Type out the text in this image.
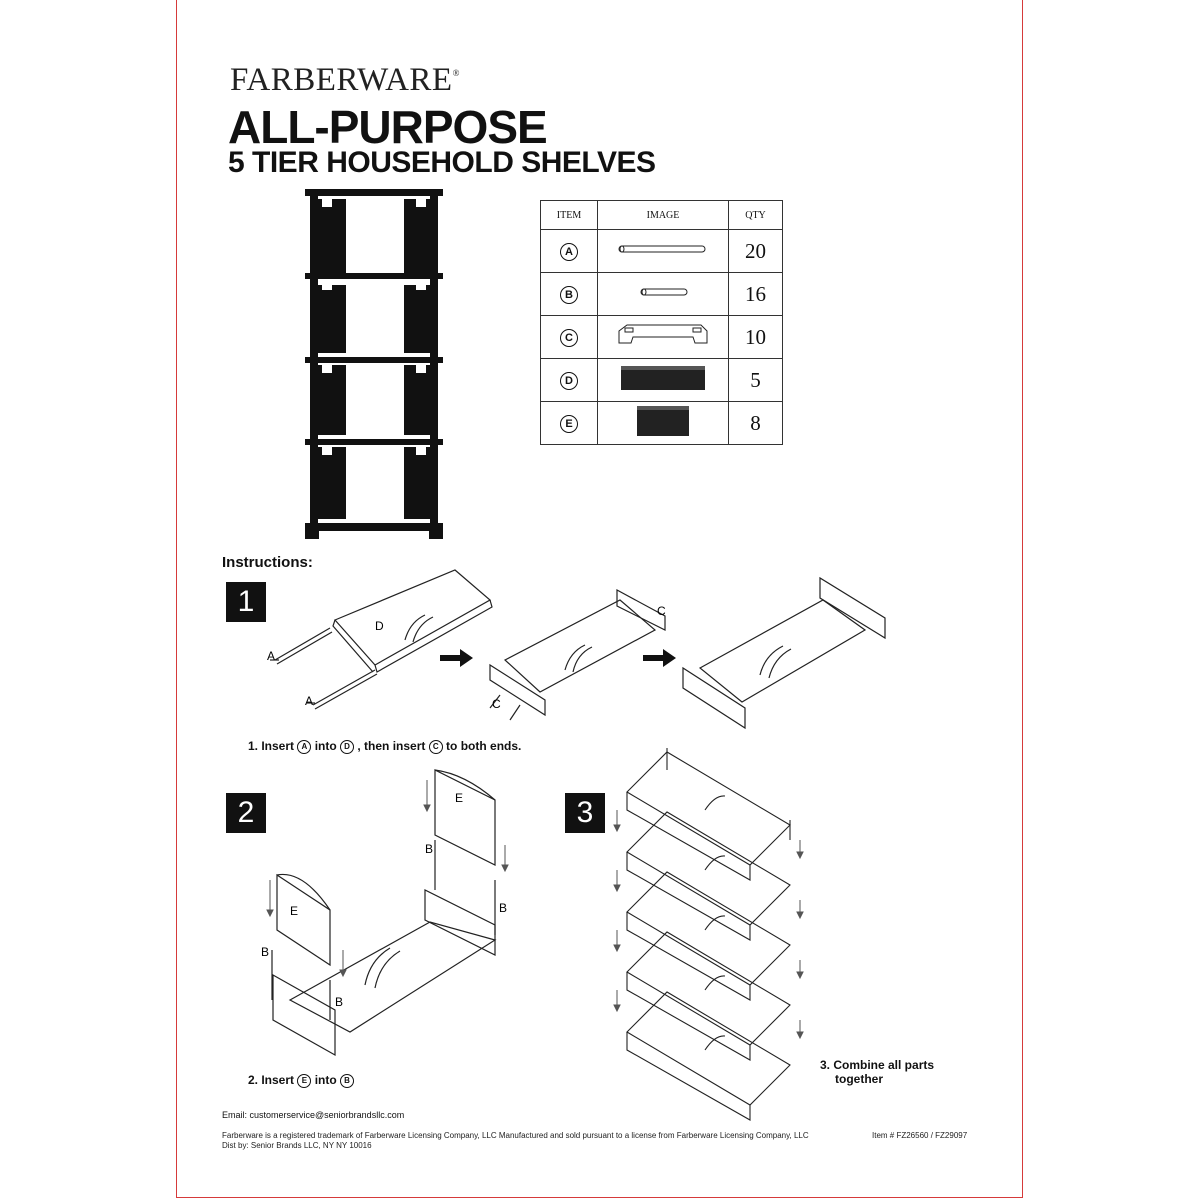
FARBERWARE®
ALL-PURPOSE
5 TIER HOUSEHOLD SHELVES
ITEM	IMAGE	QTY
A		20
B		16
C		10
D		5
E		8
Instructions:
1
A
A
D
C
C
1. Insert A into D , then insert C to both ends.
2
E
E
B
B
B
B
2. Insert E into B
3
3. Combine all parts
together
Email: customerservice@seniorbrandsllc.com
Farberware is a registered trademark of Farberware Licensing Company, LLC Manufactured and sold pursuant to a license from Farberware Licensing Company, LLC
Dist by: Senior Brands LLC, NY NY 10016
Item # FZ26560 / FZ29097
